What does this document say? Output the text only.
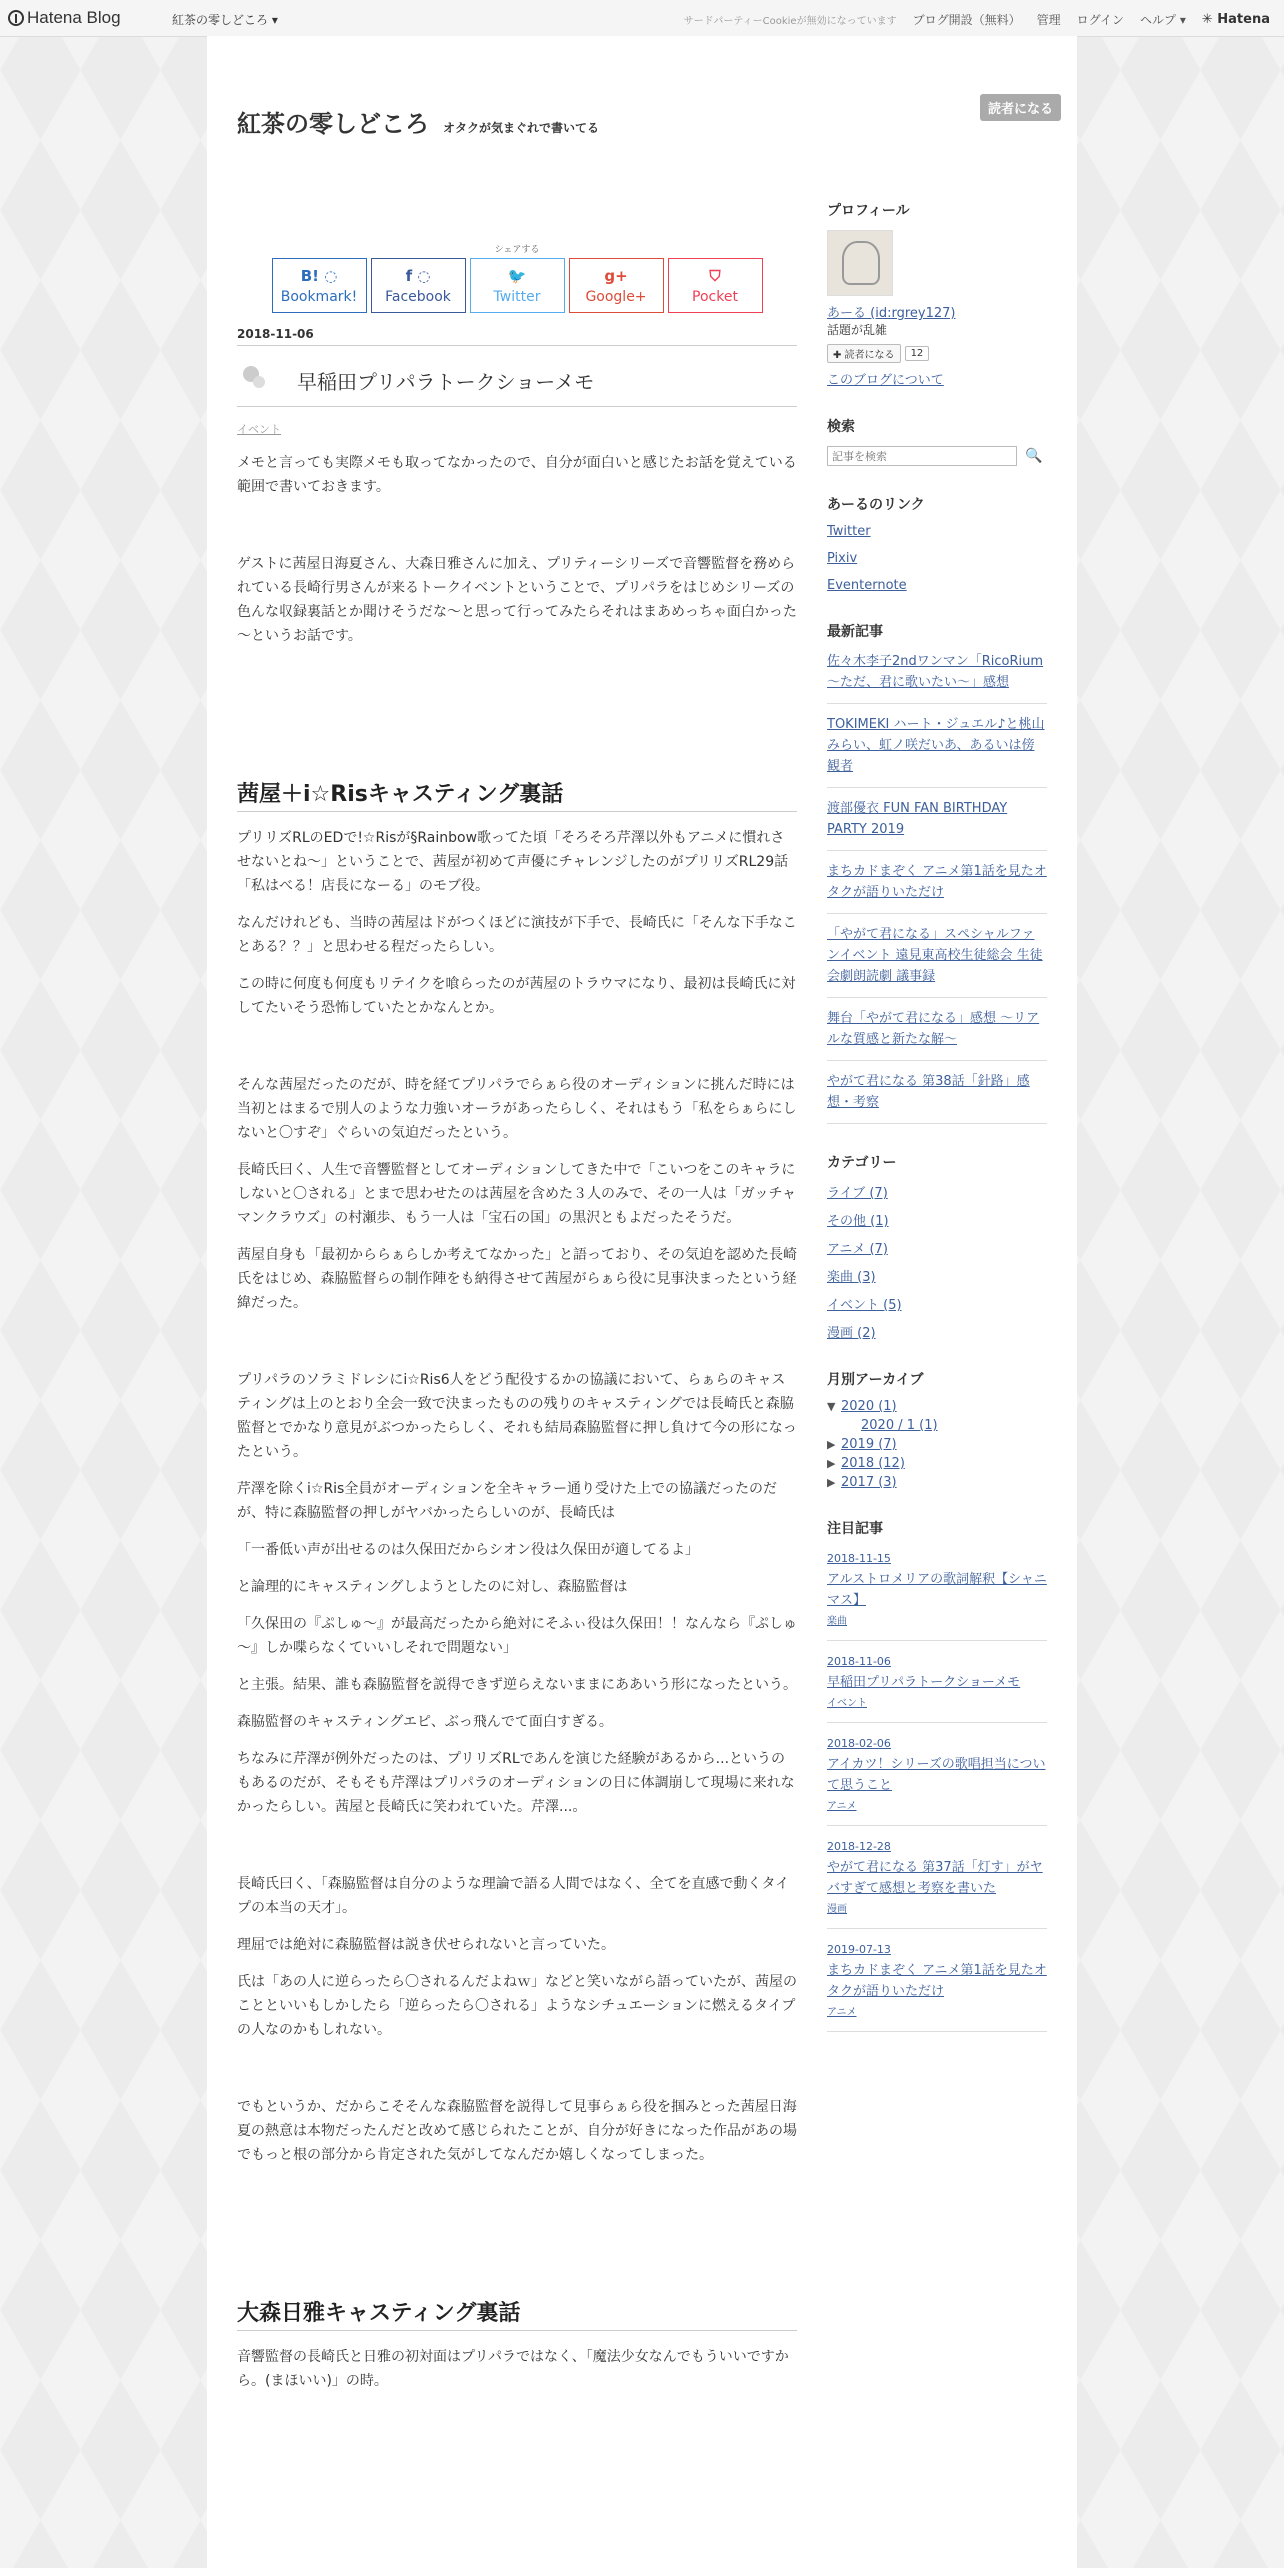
Hatena Blog	紅茶の零しどころ ▾	サードパーティーCookieが無効になっています ブログ開設（無料） 管理 ログイン ヘルプ ▾ ✳ Hatena
読者になる
紅茶の零しどころ オタクが気まぐれで書いてる
シェアする
B! ◌
Bookmark!
f ◌
Facebook
🐦
Twitter
g+
Google+
⛉
Pocket
2018-11-06
早稲田プリパラトークショーメモ
イベント

メモと言っても実際メモも取ってなかったので、自分が面白いと感じたお話を覚えている範囲で書いておきます。

ゲストに茜屋日海夏さん、大森日雅さんに加え、プリティーシリーズで音響監督を務められている長崎行男さんが来るトークイベントということで、プリパラをはじめシリーズの色んな収録裏話とか聞けそうだな～と思って行ってみたらそれはまあめっちゃ面白かった～というお話です。

茜屋＋i☆Risキャスティング裏話

プリリズRLのEDで!☆Risが§Rainbow歌ってた頃「そろそろ芹澤以外もアニメに慣れさせないとね～」ということで、茜屋が初めて声優にチャレンジしたのがプリリズRL29話「私はべる！店長になーる」のモブ役。

なんだけれども、当時の茜屋はドがつくほどに演技が下手で、長崎氏に「そんな下手なことある？？」と思わせる程だったらしい。

この時に何度も何度もリテイクを喰らったのが茜屋のトラウマになり、最初は長崎氏に対してたいそう恐怖していたとかなんとか。

そんな茜屋だったのだが、時を経てプリパラでらぁら役のオーディションに挑んだ時には当初とはまるで別人のような力強いオーラがあったらしく、それはもう「私をらぁらにしないと〇すぞ」ぐらいの気迫だったという。

長崎氏曰く、人生で音響監督としてオーディションしてきた中で「こいつをこのキャラにしないと〇される」とまで思わせたのは茜屋を含めた３人のみで、その一人は「ガッチャマンクラウズ」の村瀬歩、もう一人は「宝石の国」の黒沢ともよだったそうだ。

茜屋自身も「最初かららぁらしか考えてなかった」と語っており、その気迫を認めた長崎氏をはじめ、森脇監督らの制作陣をも納得させて茜屋がらぁら役に見事決まったという経緯だった。

プリパラのソラミドレシにi☆Ris6人をどう配役するかの協議において、らぁらのキャスティングは上のとおり全会一致で決まったものの残りのキャスティングでは長崎氏と森脇監督とでかなり意見がぶつかったらしく、それも結局森脇監督に押し負けて今の形になったという。

芹澤を除くi☆Ris全員がオーディションを全キャラー通り受けた上での協議だったのだが、特に森脇監督の押しがヤバかったらしいのが、長崎氏は

「一番低い声が出せるのは久保田だからシオン役は久保田が適してるよ」

と論理的にキャスティングしようとしたのに対し、森脇監督は

「久保田の『ぷしゅ～』が最高だったから絶対にそふぃ役は久保田！！なんなら『ぷしゅ～』しか喋らなくていいしそれで問題ない」

と主張。結果、誰も森脇監督を説得できず逆らえないままにああいう形になったという。

森脇監督のキャスティングエピ、ぶっ飛んでて面白すぎる。

ちなみに芹澤が例外だったのは、プリリズRLであんを演じた経験があるから...というのもあるのだが、そもそも芹澤はプリパラのオーディションの日に体調崩して現場に来れなかったらしい。茜屋と長崎氏に笑われていた。芹澤...。

長崎氏曰く、「森脇監督は自分のような理論で語る人間ではなく、全てを直感で動くタイプの本当の天才」。

理屈では絶対に森脇監督は説き伏せられないと言っていた。

氏は「あの人に逆らったら〇されるんだよねｗ」などと笑いながら語っていたが、茜屋のことといいもしかしたら「逆らったら〇される」ようなシチュエーションに燃えるタイプの人なのかもしれない。

でもというか、だからこそそんな森脇監督を説得して見事らぁら役を掴みとった茜屋日海夏の熱意は本物だったんだと改めて感じられたことが、自分が好きになった作品があの場でもっと根の部分から肯定された気がしてなんだか嬉しくなってしまった。

大森日雅キャスティング裏話

音響監督の長崎氏と日雅の初対面はプリパラではなく、「魔法少女なんでもういいですから。(まほいい)」の時。

プロフィール
あーる (id:rgrey127)
話題が乱雑
✚ 読者になる	12
このブログについて
検索
記事を検索
🔍
あーるのリンク
Twitter
Pixiv
Eventernote
最新記事
佐々木李子2ndワンマン「RicoRium～ただ、君に歌いたい～」感想
TOKIMEKI ハート・ジュエル♪と桃山みらい、虹ノ咲だいあ、あるいは傍観者
渡部優衣 FUN FAN BIRTHDAY PARTY 2019
まちカドまぞく アニメ第1話を見たオタクが語りいただけ
「やがて君になる」スペシャルファンイベント 遠見東高校生徒総会 生徒会劇朗読劇 議事録
舞台「やがて君になる」感想 ～リアルな質感と新たな解～
やがて君になる 第38話「針路」感想・考察
カテゴリー
ライブ (7)
その他 (1)
アニメ (7)
楽曲 (3)
イベント (5)
漫画 (2)
月別アーカイブ
▼ 2020 (1)
2020 / 1 (1)
▶ 2019 (7)
▶ 2018 (12)
▶ 2017 (3)
注目記事
2018-11-15
アルストロメリアの歌詞解釈【シャニマス】
楽曲
2018-11-06
早稲田プリパラトークショーメモ
イベント
2018-02-06
アイカツ！シリーズの歌唱担当について思うこと
アニメ
2018-12-28
やがて君になる 第37話「灯す」がヤバすぎて感想と考察を書いた
漫画
2019-07-13
まちカドまぞく アニメ第1話を見たオタクが語りいただけ
アニメ
